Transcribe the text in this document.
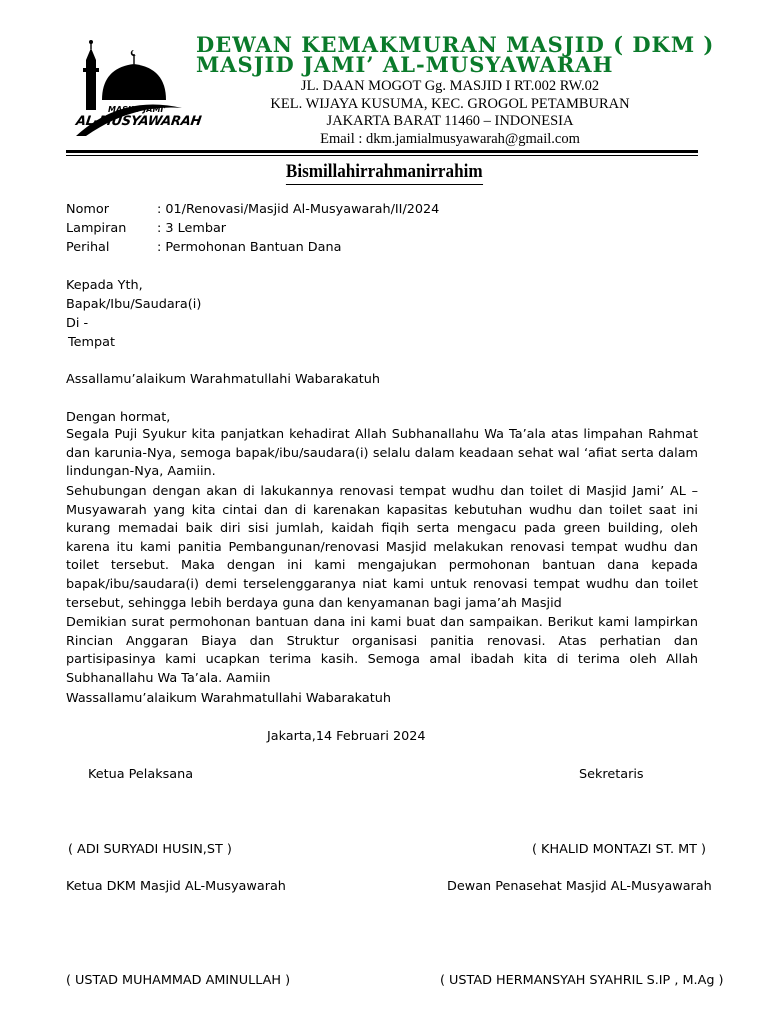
MASJID JAMI'
AL-MUSYAWARAH
DEWAN KEMAKMURAN MASJID ( DKM )
MASJID JAMI’ AL-MUSYAWARAH
JL. DAAN MOGOT Gg. MASJID I RT.002 RW.02
KEL. WIJAYA KUSUMA, KEC. GROGOL PETAMBURAN
JAKARTA BARAT 11460 – INDONESIA
Email : dkm.jamialmusyawarah@gmail.com
Bismillahirrahmanirrahim
Nomor	: 01/Renovasi/Masjid Al-Musyawarah/II/2024
Lampiran : 3 Lembar
Perihal	: Permohonan Bantuan Dana
Kepada Yth,
Bapak/Ibu/Saudara(i)
Di -
Tempat
Assallamu’alaikum Warahmatullahi Wabarakatuh
Dengan hormat,

Segala Puji Syukur kita panjatkan kehadirat Allah Subhanallahu Wa Ta’ala atas limpahan Rahmat dan karunia-Nya, semoga bapak/ibu/saudara(i) selalu dalam keadaan sehat wal ‘afiat serta dalam lindungan-Nya, Aamiin.

Sehubungan dengan akan di lakukannya renovasi tempat wudhu dan toilet di Masjid Jami’ AL – Musyawarah yang kita cintai dan di karenakan kapasitas kebutuhan wudhu dan toilet saat ini kurang memadai baik diri sisi jumlah, kaidah fiqih serta mengacu pada green building, oleh karena itu kami panitia Pembangunan/renovasi Masjid melakukan renovasi tempat wudhu dan toilet tersebut. Maka dengan ini kami mengajukan permohonan bantuan dana kepada bapak/ibu/saudara(i) demi terselenggaranya niat kami untuk renovasi tempat wudhu dan toilet tersebut, sehingga lebih berdaya guna dan kenyamanan bagi jama’ah Masjid

Demikian surat permohonan bantuan dana ini kami buat dan sampaikan. Berikut kami lampirkan Rincian Anggaran Biaya dan Struktur organisasi panitia renovasi. Atas perhatian dan partisipasinya kami ucapkan terima kasih. Semoga amal ibadah kita di terima oleh Allah Subhanallahu Wa Ta’ala. Aamiin

Wassallamu’alaikum Warahmatullahi Wabarakatuh
Jakarta,14 Februari 2024
Ketua Pelaksana	Sekretaris
( ADI SURYADI HUSIN,ST )	( KHALID MONTAZI ST. MT )
Ketua DKM Masjid AL-Musyawarah	Dewan Penasehat Masjid AL-Musyawarah
( USTAD MUHAMMAD AMINULLAH )	( USTAD HERMANSYAH SYAHRIL S.IP , M.Ag )
